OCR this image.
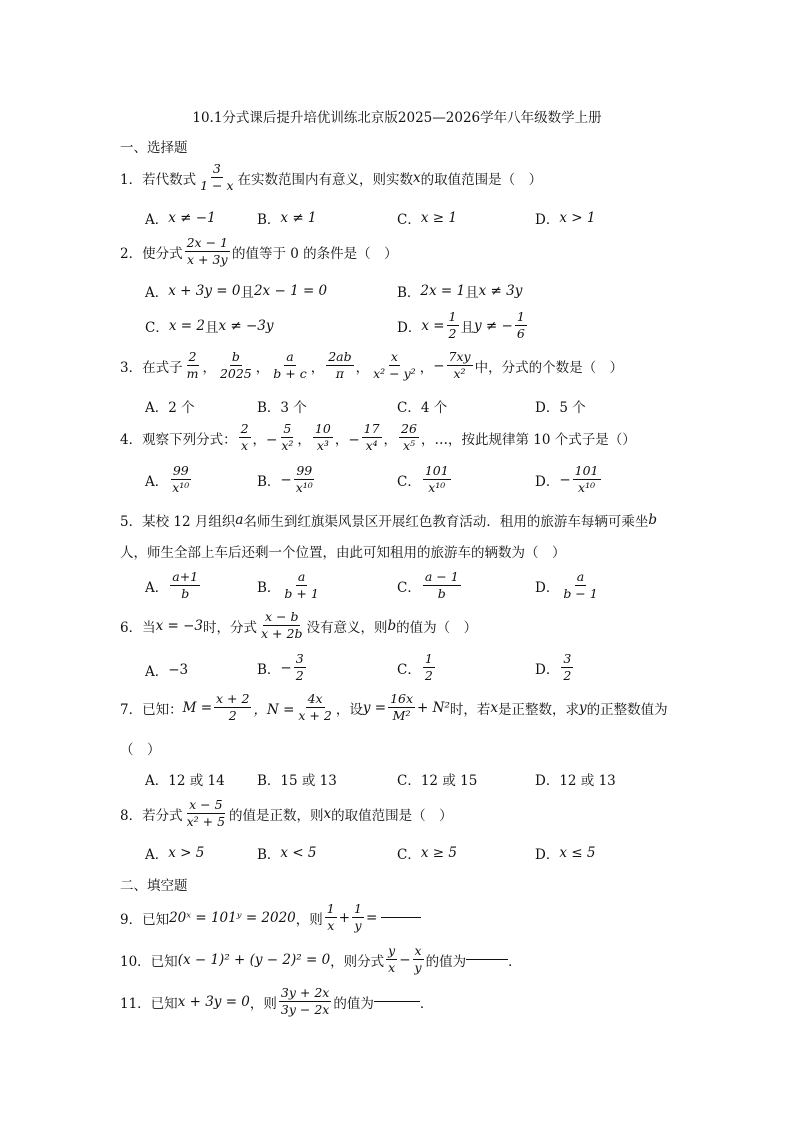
10.1分式课后提升培优训练北京版2025—2026学年八年级数学上册
一、选择题
1．若代数式 $\frac{3}{1 - x}$ 在实数范围内有意义，则实数 x 的取值范围是（　）
A． x ≠ −1	B． x ≠ 1	C． x ≥ 1	D． x > 1
2．使分式 $\frac{2x - 1}{x + 3y}$ 的值等于 0 的条件是（　）
A． x + 3y = 0 且 2x − 1 = 0	B． 2x = 1 且 x ≠ 3y
C． x = 2 且 x ≠ −3y	D． $x = \frac{1}{2}$ 且 y ≠ − $\frac{1}{6}$
3．在式子 $\frac{2}{m}$ ， $\frac{b}{2025}$ ， $\frac{a}{b + c}$ ， $\frac{2ab}{\pi}$ ， $\frac{x}{\text{x² − y²}}$ ， − $\frac{7xy}{\text{x²}}$ 中，分式的个数是（　）
A． 2 个	B． 3 个	C． 4 个	D． 5 个
4．观察下列分式： $\frac{2}{x}$ ，− $\frac{5}{\text{x²}}$ ， $\frac{10}{\text{x³}}$ ，− $\frac{17}{\text{x⁴}}$ ， $\frac{26}{\text{x⁵}}$ ，…，按此规律第 10 个式子是（）
A． $\frac{99}{\text{x¹⁰}}$	B． − $\frac{99}{\text{x¹⁰}}$	C． $\frac{101}{\text{x¹⁰}}$	D． − $\frac{101}{\text{x¹⁰}}$
5．某校 12 月组织 a 名师生到红旗渠风景区开展红色教育活动．租用的旅游车每辆可乘坐 b
人，师生全部上车后还剩一个位置，由此可知租用的旅游车的辆数为（　）
A． $\frac{a+1}{b}$	B． $\frac{a}{b + 1}$	C． $\frac{a - 1}{b}$	D． $\frac{a}{b - 1}$
6．当 x = −3 时，分式 $\frac{x - b}{x + 2b}$ 没有意义，则 b 的值为（　）
A． −3	B． − $\frac{3}{2}$	C． $\frac{1}{2}$	D． $\frac{3}{2}$
7．已知： $M = \frac{x + 2}{2}$ ，$N = \frac{4x}{x + 2}$ ，设 $y = \frac{16x}{\text{M²}} + N^2$ 时，若 x 是正整数，求 y 的正整数值为
（　）
A． 12 或 14 B． 15 或 13	C． 12 或 15	D． 12 或 13
8．若分式 $\frac{x - 5}{\text{x² + 5}}$ 的值是正数，则 x 的取值范围是（　）
A． x > 5	B． x < 5	C． x ≥ 5	D． x ≤ 5
二、填空题
9．已知 20ˣ = 101ʸ = 2020 ，则 $\frac{1}{x} + \frac{1}{y}$ =
10．已知 (x − 1)² + (y − 2)² = 0 ，则分式 $\frac{y}{x} - \frac{x}{y}$ 的值为	．
11．已知 x + 3y = 0 ，则 $\frac{3y + 2x}{3y - 2x}$ 的值为	．
